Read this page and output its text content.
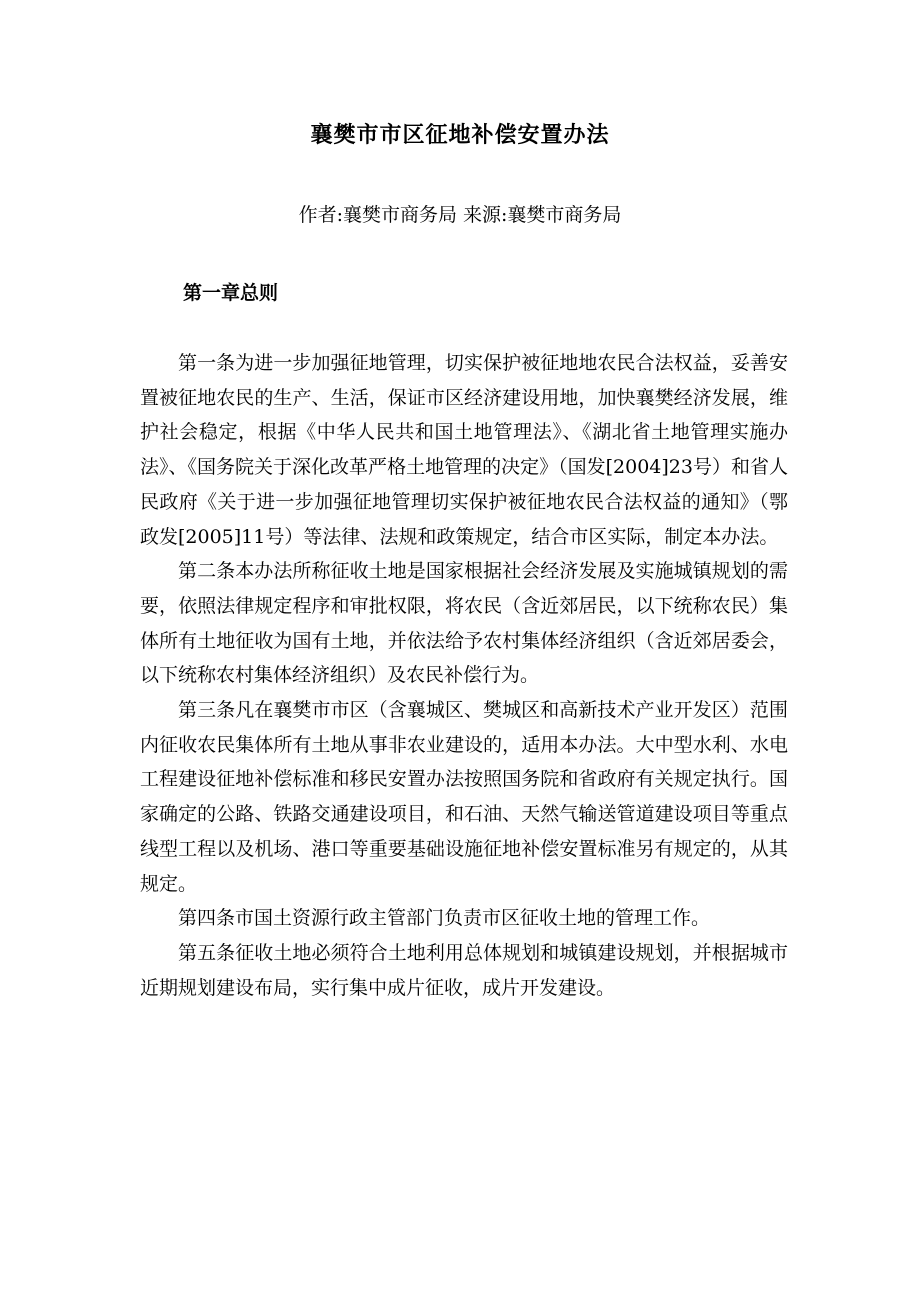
襄樊市市区征地补偿安置办法
作者:襄樊市商务局 来源:襄樊市商务局
第一章总则

第一条为进一步加强征地管理，切实保护被征地地农民合法权益，妥善安置被征地农民的生产、生活，保证市区经济建设用地，加快襄樊经济发展，维护社会稳定，根据《中华人民共和国土地管理法》、《湖北省土地管理实施办法》、《国务院关于深化改革严格土地管理的决定》（国发[2004]23号）和省人民政府《关于进一步加强征地管理切实保护被征地农民合法权益的通知》（鄂政发[2005]11号）等法律、法规和政策规定，结合市区实际，制定本办法。

第二条本办法所称征收土地是国家根据社会经济发展及实施城镇规划的需要，依照法律规定程序和审批权限，将农民（含近郊居民，以下统称农民）集体所有土地征收为国有土地，并依法给予农村集体经济组织（含近郊居委会，以下统称农村集体经济组织）及农民补偿行为。

第三条凡在襄樊市市区（含襄城区、樊城区和高新技术产业开发区）范围内征收农民集体所有土地从事非农业建设的，适用本办法。大中型水利、水电工程建设征地补偿标准和移民安置办法按照国务院和省政府有关规定执行。国家确定的公路、铁路交通建设项目，和石油、天然气输送管道建设项目等重点线型工程以及机场、港口等重要基础设施征地补偿安置标准另有规定的，从其规定。

第四条市国土资源行政主管部门负责市区征收土地的管理工作。

第五条征收土地必须符合土地利用总体规划和城镇建设规划，并根据城市近期规划建设布局，实行集中成片征收，成片开发建设。
